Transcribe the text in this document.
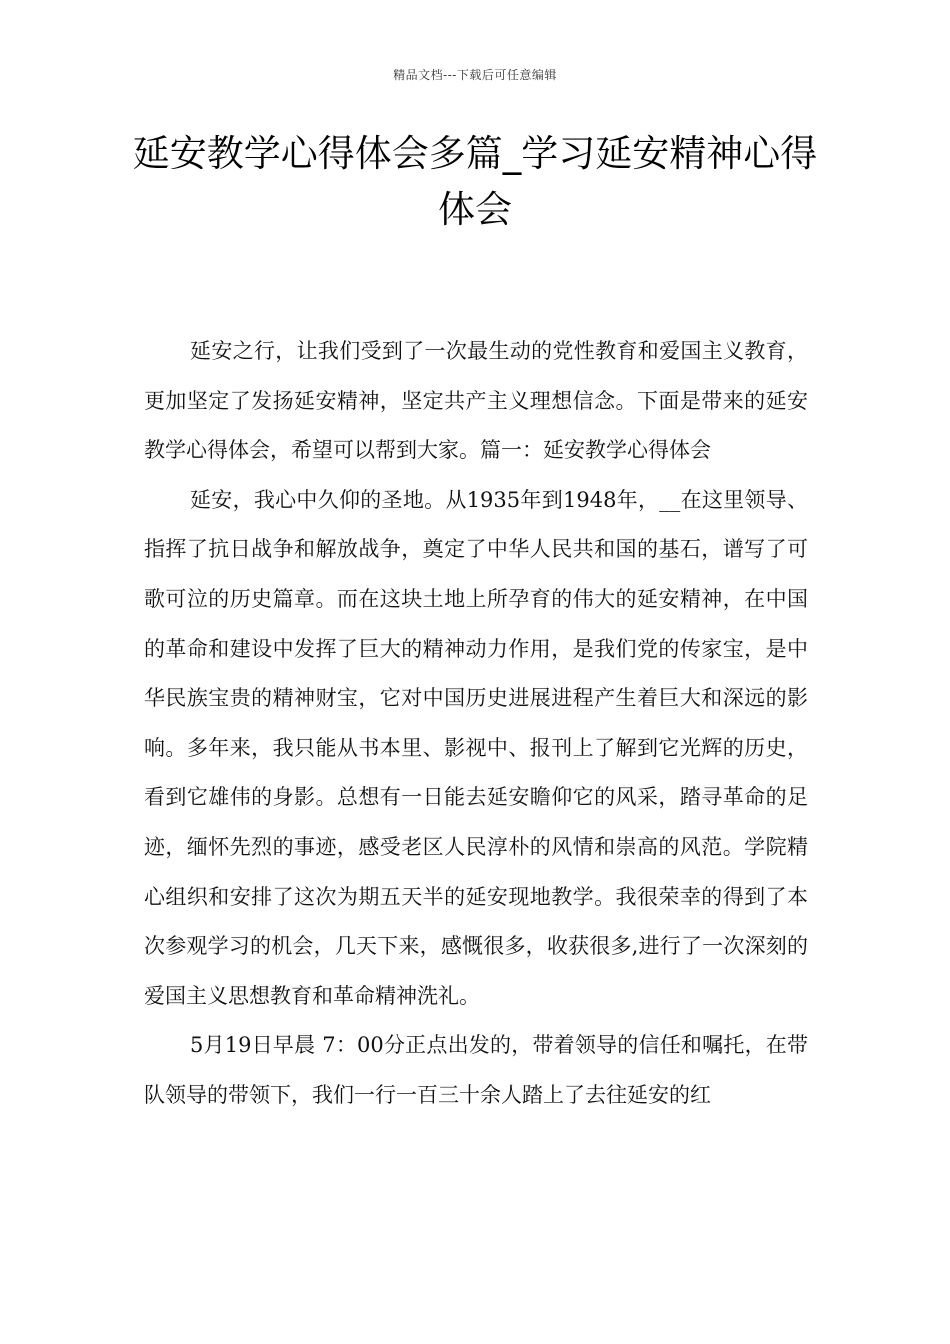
精品文档---下载后可任意编辑
延安教学心得体会多篇_学习延安精神心得体会

延安之行，让我们受到了一次最生动的党性教育和爱国主义教育，更加坚定了发扬延安精神，坚定共产主义理想信念。下面是带来的延安教学心得体会，希望可以帮到大家。篇一：延安教学心得体会

延安，我心中久仰的圣地。从1935年到1948年，__在这里领导、指挥了抗日战争和解放战争，奠定了中华人民共和国的基石，谱写了可歌可泣的历史篇章。而在这块土地上所孕育的伟大的延安精神，在中国的革命和建设中发挥了巨大的精神动力作用，是我们党的传家宝，是中华民族宝贵的精神财宝，它对中国历史进展进程产生着巨大和深远的影响。多年来，我只能从书本里、影视中、报刊上了解到它光辉的历史，看到它雄伟的身影。总想有一日能去延安瞻仰它的风采，踏寻革命的足迹，缅怀先烈的事迹，感受老区人民淳朴的风情和崇高的风范。学院精心组织和安排了这次为期五天半的延安现地教学。我很荣幸的得到了本次参观学习的机会，几天下来，感慨很多，收获很多,进行了一次深刻的爱国主义思想教育和革命精神洗礼。

5月19日早晨 7：00分正点出发的，带着领导的信任和嘱托，在带队领导的带领下，我们一行一百三十余人踏上了去往延安的红
